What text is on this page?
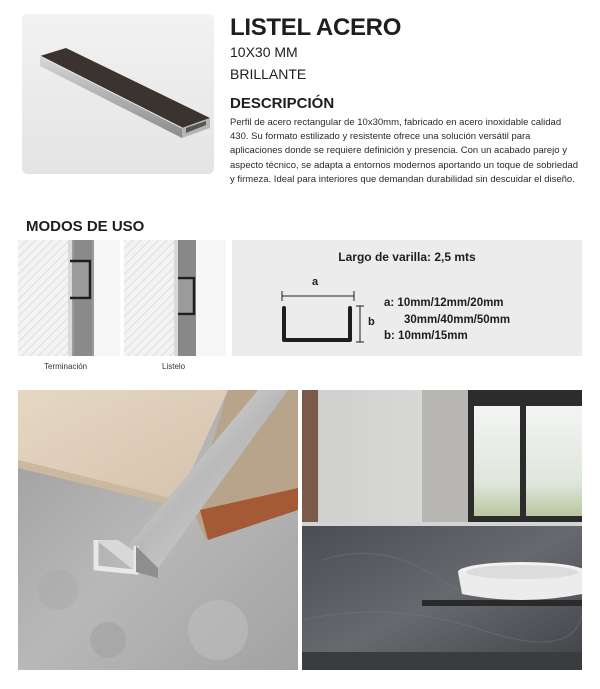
LISTEL ACERO
10X30 MM
BRILLANTE
DESCRIPCIÓN
Perfil de acero rectangular de 10x30mm, fabricado en acero inoxidable calidad 430. Su formato estilizado y resistente ofrece una solución versátil para aplicaciones donde se requiere definición y presencia. Con un acabado parejo y aspecto técnico, se adapta a entornos modernos aportando un toque de sobriedad y firmeza. Ideal para interiores que demandan durabilidad sin descuidar el diseño.
MODOS DE USO
Terminación	Listelo
Largo de varilla: 2,5 mts
a
b
a: 10mm/12mm/20mm
30mm/40mm/50mm
b: 10mm/15mm
